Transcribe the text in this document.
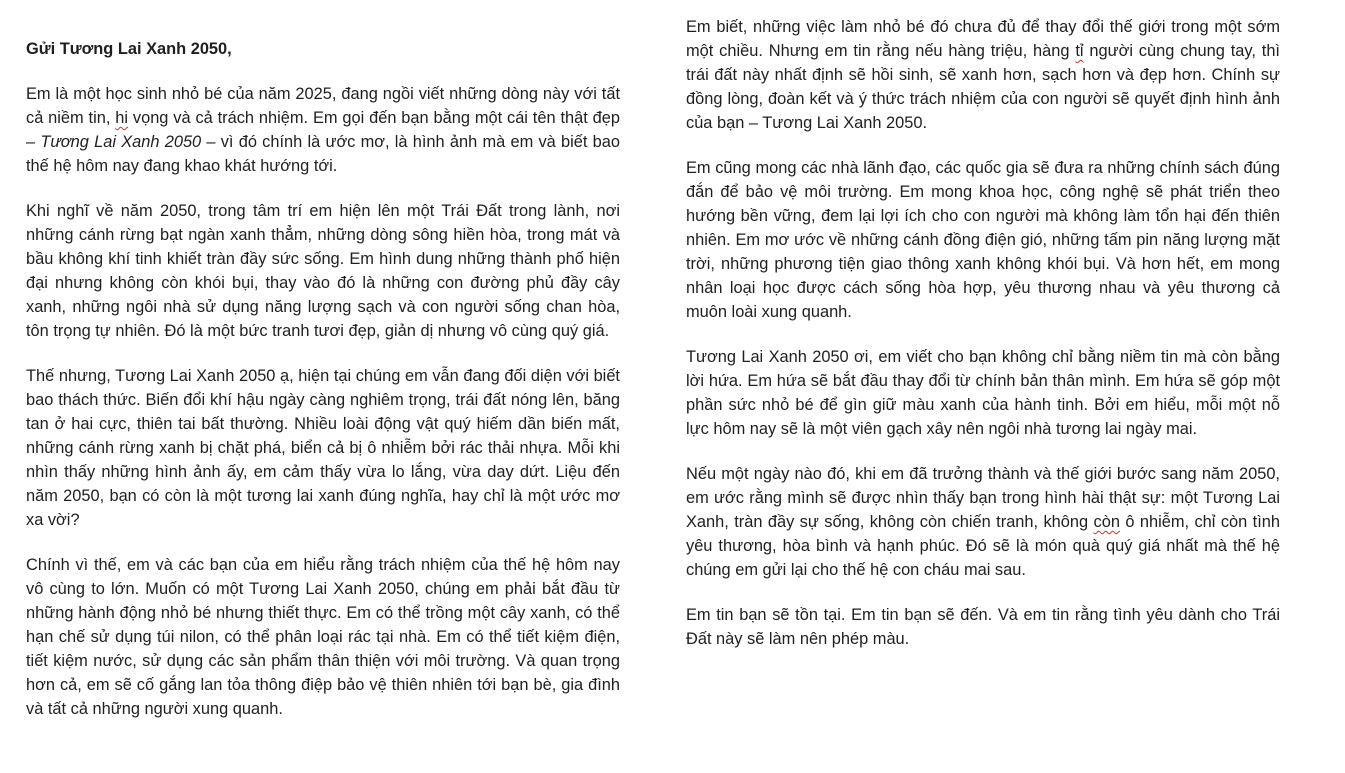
Gửi Tương Lai Xanh 2050,

Em là một học sinh nhỏ bé của năm 2025, đang ngồi viết những dòng này với tất cả niềm tin, hi vọng và cả trách nhiệm. Em gọi đến bạn bằng một cái tên thật đẹp – Tương Lai Xanh 2050 – vì đó chính là ước mơ, là hình ảnh mà em và biết bao thế hệ hôm nay đang khao khát hướng tới.

Khi nghĩ về năm 2050, trong tâm trí em hiện lên một Trái Đất trong lành, nơi những cánh rừng bạt ngàn xanh thẳm, những dòng sông hiền hòa, trong mát và bầu không khí tinh khiết tràn đầy sức sống. Em hình dung những thành phố hiện đại nhưng không còn khói bụi, thay vào đó là những con đường phủ đầy cây xanh, những ngôi nhà sử dụng năng lượng sạch và con người sống chan hòa, tôn trọng tự nhiên. Đó là một bức tranh tươi đẹp, giản dị nhưng vô cùng quý giá.

Thế nhưng, Tương Lai Xanh 2050 ạ, hiện tại chúng em vẫn đang đối diện với biết bao thách thức. Biến đổi khí hậu ngày càng nghiêm trọng, trái đất nóng lên, băng tan ở hai cực, thiên tai bất thường. Nhiều loài động vật quý hiếm dần biến mất, những cánh rừng xanh bị chặt phá, biển cả bị ô nhiễm bởi rác thải nhựa. Mỗi khi nhìn thấy những hình ảnh ấy, em cảm thấy vừa lo lắng, vừa day dứt. Liệu đến năm 2050, bạn có còn là một tương lai xanh đúng nghĩa, hay chỉ là một ước mơ xa vời?

Chính vì thế, em và các bạn của em hiểu rằng trách nhiệm của thế hệ hôm nay vô cùng to lớn. Muốn có một Tương Lai Xanh 2050, chúng em phải bắt đầu từ những hành động nhỏ bé nhưng thiết thực. Em có thể trồng một cây xanh, có thể hạn chế sử dụng túi nilon, có thể phân loại rác tại nhà. Em có thể tiết kiệm điện, tiết kiệm nước, sử dụng các sản phẩm thân thiện với môi trường. Và quan trọng hơn cả, em sẽ cố gắng lan tỏa thông điệp bảo vệ thiên nhiên tới bạn bè, gia đình và tất cả những người xung quanh.

Em biết, những việc làm nhỏ bé đó chưa đủ để thay đổi thế giới trong một sớm một chiều. Nhưng em tin rằng nếu hàng triệu, hàng tỉ người cùng chung tay, thì trái đất này nhất định sẽ hồi sinh, sẽ xanh hơn, sạch hơn và đẹp hơn. Chính sự đồng lòng, đoàn kết và ý thức trách nhiệm của con người sẽ quyết định hình ảnh của bạn – Tương Lai Xanh 2050.

Em cũng mong các nhà lãnh đạo, các quốc gia sẽ đưa ra những chính sách đúng đắn để bảo vệ môi trường. Em mong khoa học, công nghệ sẽ phát triển theo hướng bền vững, đem lại lợi ích cho con người mà không làm tổn hại đến thiên nhiên. Em mơ ước về những cánh đồng điện gió, những tấm pin năng lượng mặt trời, những phương tiện giao thông xanh không khói bụi. Và hơn hết, em mong nhân loại học được cách sống hòa hợp, yêu thương nhau và yêu thương cả muôn loài xung quanh.

Tương Lai Xanh 2050 ơi, em viết cho bạn không chỉ bằng niềm tin mà còn bằng lời hứa. Em hứa sẽ bắt đầu thay đổi từ chính bản thân mình. Em hứa sẽ góp một phần sức nhỏ bé để gìn giữ màu xanh của hành tinh. Bởi em hiểu, mỗi một nỗ lực hôm nay sẽ là một viên gạch xây nên ngôi nhà tương lai ngày mai.

Nếu một ngày nào đó, khi em đã trưởng thành và thế giới bước sang năm 2050, em ước rằng mình sẽ được nhìn thấy bạn trong hình hài thật sự: một Tương Lai Xanh, tràn đầy sự sống, không còn chiến tranh, không còn ô nhiễm, chỉ còn tình yêu thương, hòa bình và hạnh phúc. Đó sẽ là món quà quý giá nhất mà thế hệ chúng em gửi lại cho thế hệ con cháu mai sau.

Em tin bạn sẽ tồn tại. Em tin bạn sẽ đến. Và em tin rằng tình yêu dành cho Trái Đất này sẽ làm nên phép màu.
